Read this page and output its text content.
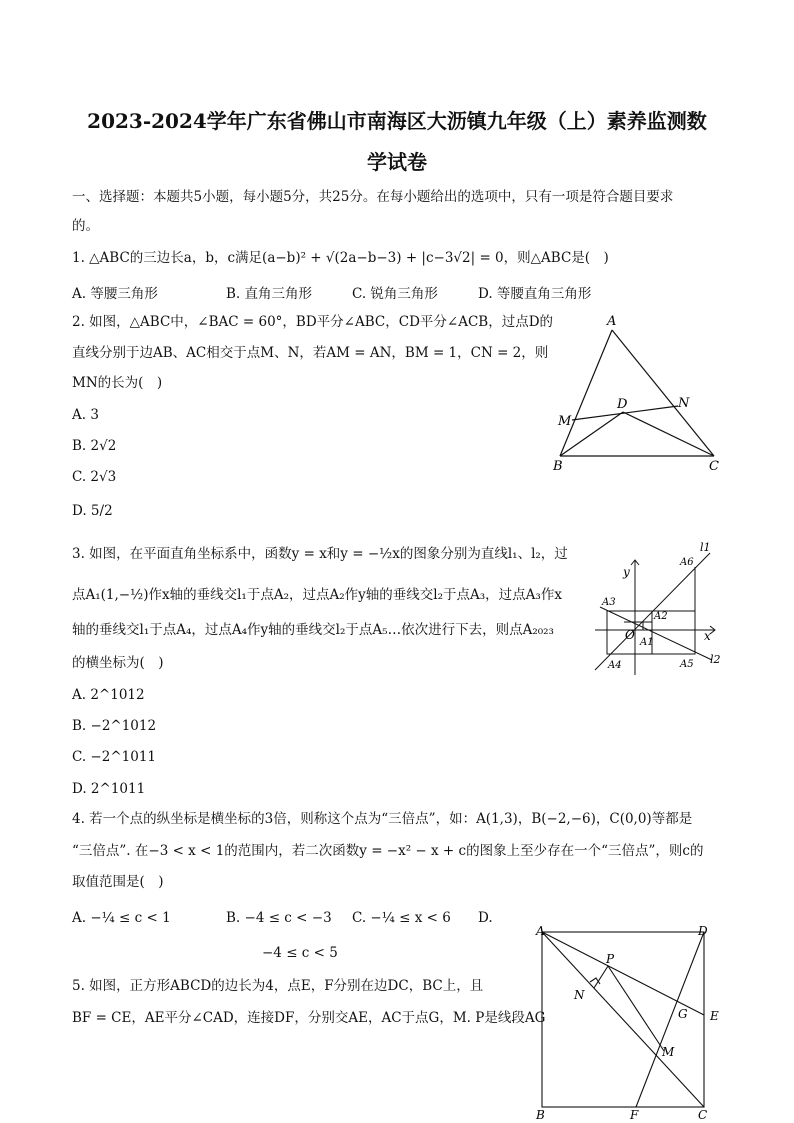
2023-2024学年广东省佛山市南海区大沥镇九年级（上）素养监测数
学试卷
一、选择题：本题共5小题，每小题5分，共25分。在每小题给出的选项中，只有一项是符合题目要求
的。
1. △ABC的三边长a，b，c满足(a−b)² + √(2a−b−3) + |c−3√2| = 0，则△ABC是(　)
A. 等腰三角形	B. 直角三角形	C. 锐角三角形	D. 等腰直角三角形
2. 如图，△ABC中，∠BAC = 60°，BD平分∠ABC，CD平分∠ACB，过点D的
直线分别于边AB、AC相交于点M、N，若AM = AN，BM = 1，CN = 2，则
MN的长为(　)
A. 3
B. 2√2
C. 2√3
D. 5/2
A
B	C
D
M
N
3. 如图，在平面直角坐标系中，函数y = x和y = −½x的图象分别为直线l₁、l₂，过
点A₁(1,−½)作x轴的垂线交l₁于点A₂，过点A₂作y轴的垂线交l₂于点A₃，过点A₃作x
轴的垂线交l₁于点A₄，过点A₄作y轴的垂线交l₂于点A₅…依次进行下去，则点A₂₀₂₃
的横坐标为(　)
A. 2^1012
B. −2^1012
C. −2^1011
D. 2^1011
y
x
O
l1
l2
A1
A2
A3
A4	A5
A6
4. 若一个点的纵坐标是横坐标的3倍，则称这个点为“三倍点”，如：A(1,3)，B(−2,−6)，C(0,0)等都是
“三倍点”. 在−3 < x < 1的范围内，若二次函数y = −x² − x + c的图象上至少存在一个“三倍点”，则c的
取值范围是(　)
A. −¼ ≤ c < 1	B. −4 ≤ c < −3 C. −¼ ≤ x < 6 D.
−4 ≤ c < 5
5. 如图，正方形ABCD的边长为4，点E，F分别在边DC，BC上，且
BF = CE，AE平分∠CAD，连接DF，分别交AE，AC于点G，M. P是线段AG
A	D
B	C
E
F
G
M
N
P
